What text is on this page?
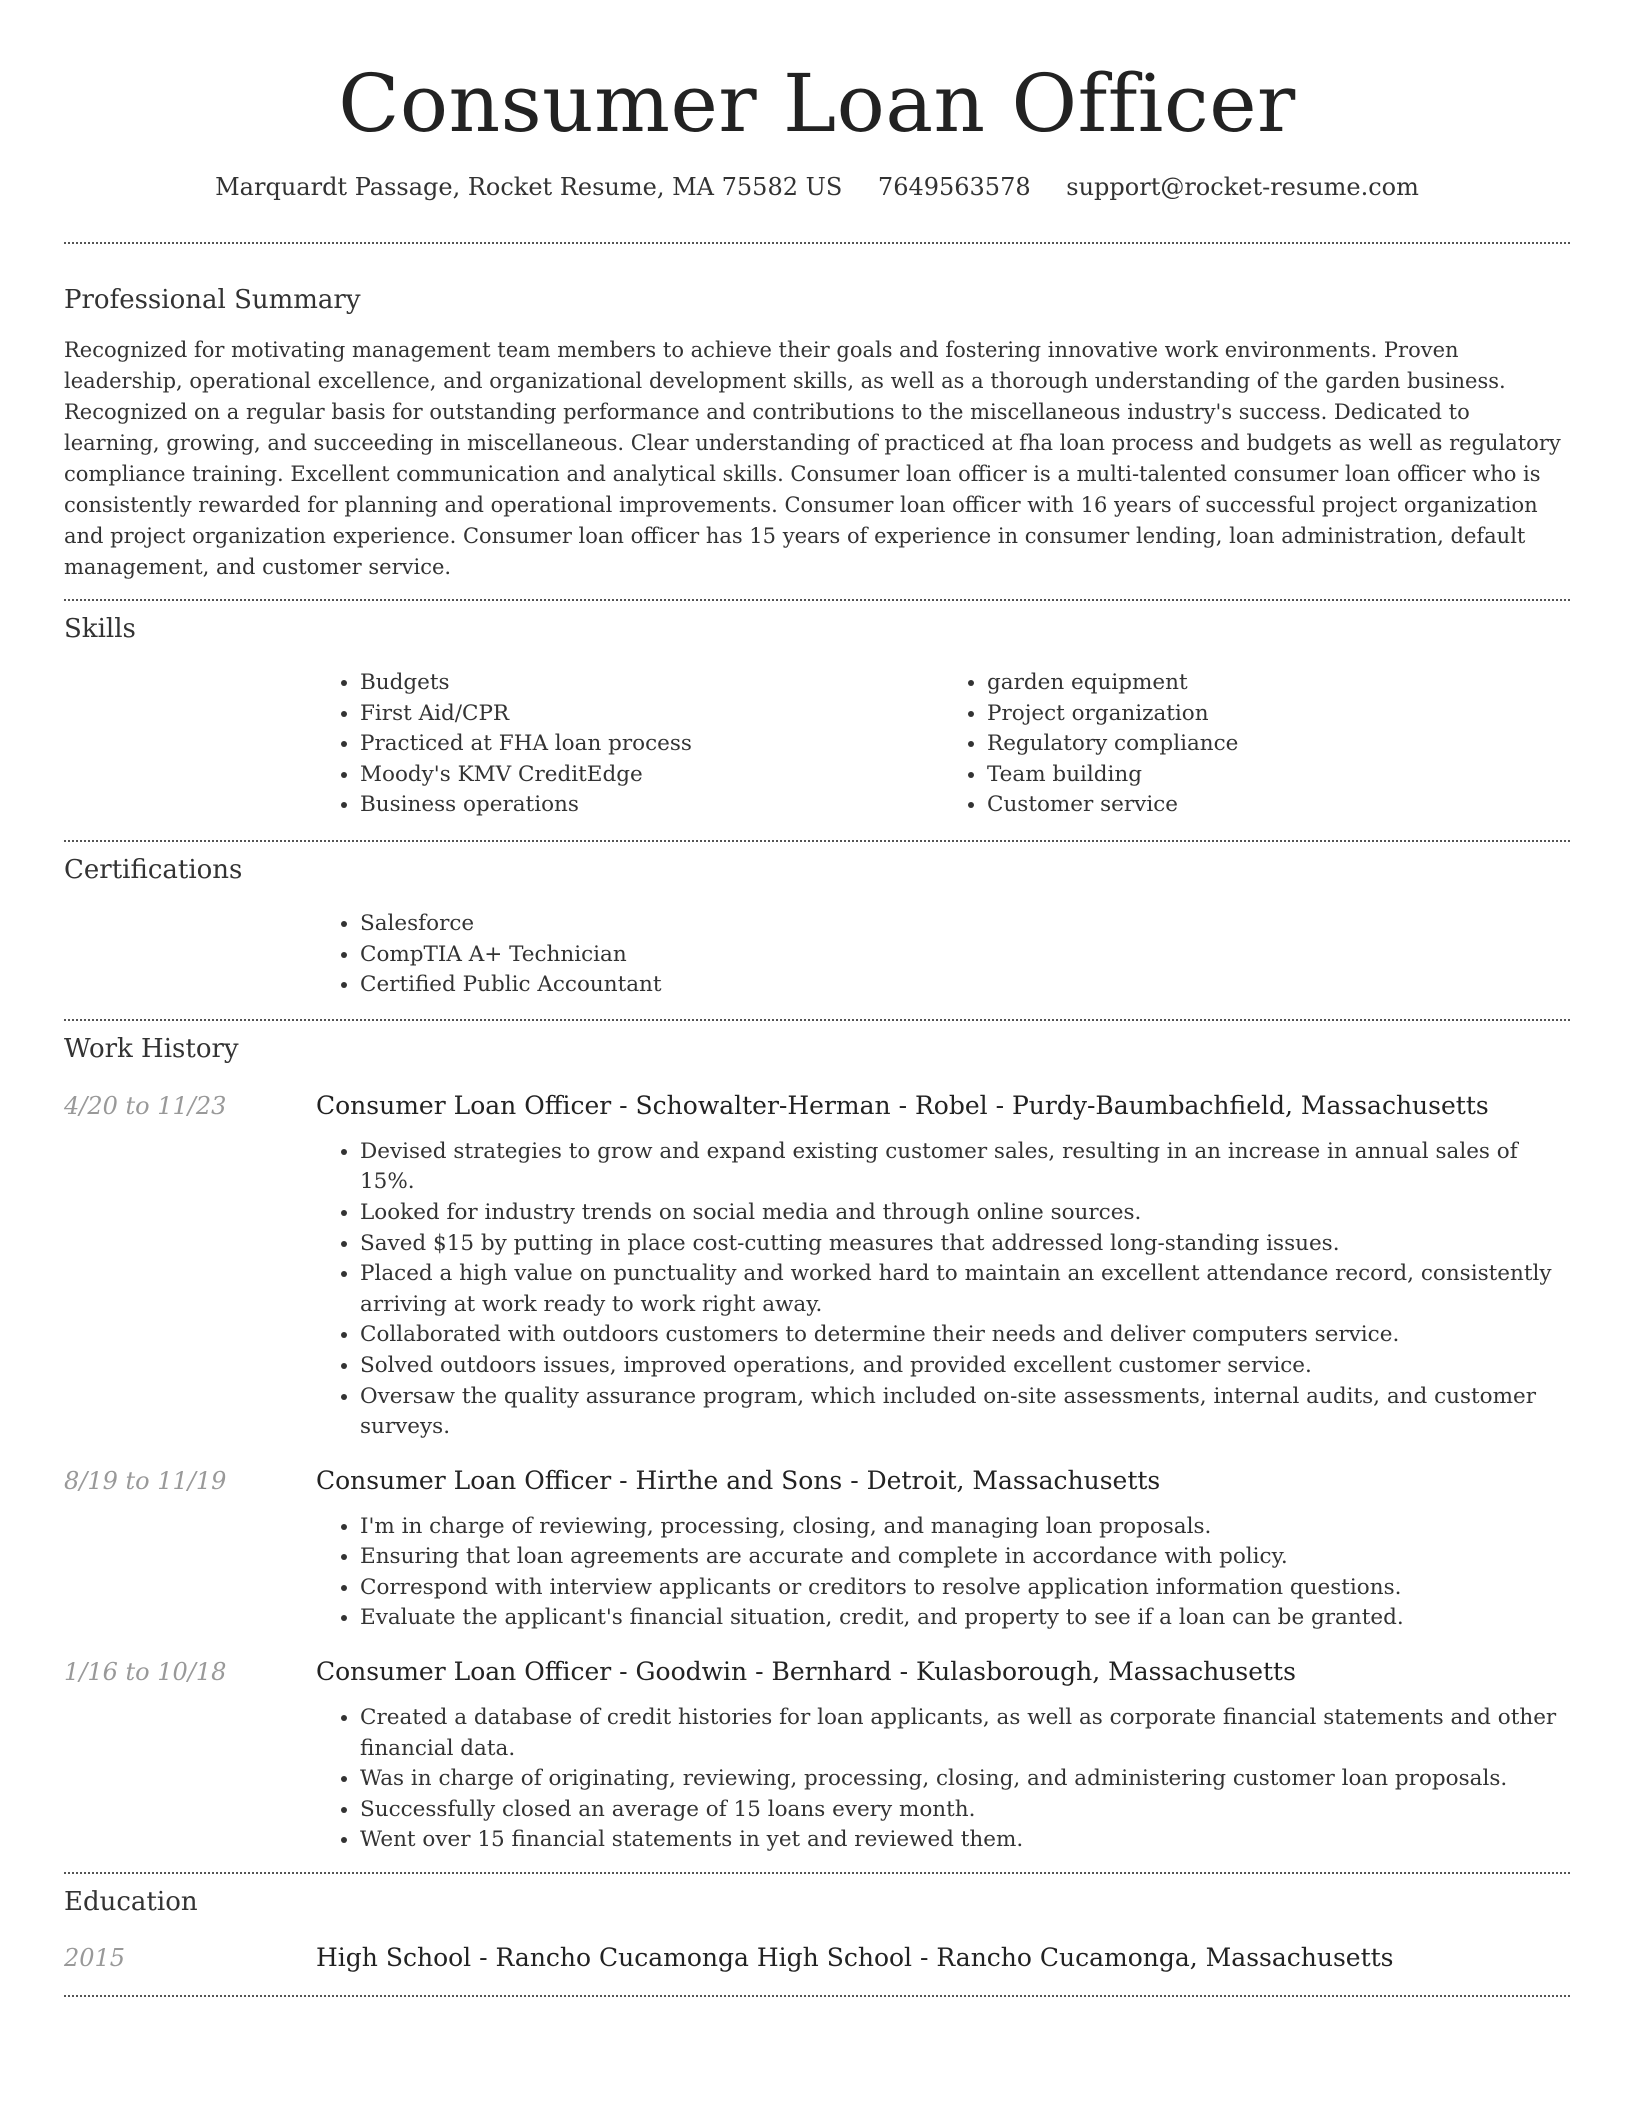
Consumer Loan Officer
Marquardt Passage, Rocket Resume, MA 75582 US 7649563578 support@rocket-resume.com
Professional Summary

Recognized for motivating management team members to achieve their goals and fostering innovative work environments. Proven leadership, operational excellence, and organizational development skills, as well as a thorough understanding of the garden business. Recognized on a regular basis for outstanding performance and contributions to the miscellaneous industry's success. Dedicated to learning, growing, and succeeding in miscellaneous. Clear understanding of practiced at fha loan process and budgets as well as regulatory compliance training. Excellent communication and analytical skills. Consumer loan officer is a multi-talented consumer loan officer who is consistently rewarded for planning and operational improvements. Consumer loan officer with 16 years of successful project organization and project organization experience. Consumer loan officer has 15 years of experience in consumer lending, loan administration, default management, and customer service.

Skills
• Budgets
• First Aid/CPR
• Practiced at FHA loan process
• Moody's KMV CreditEdge
• Business operations
• garden equipment
• Project organization
• Regulatory compliance
• Team building
• Customer service
Certifications
• Salesforce
• CompTIA A+ Technician
• Certified Public Accountant
Work History
4/20 to 11/23	Consumer Loan Officer - Schowalter-Herman - Robel - Purdy-Baumbachfield, Massachusetts
• Devised strategies to grow and expand existing customer sales, resulting in an increase in annual sales of 15%.
• Looked for industry trends on social media and through online sources.
• Saved $15 by putting in place cost-cutting measures that addressed long-standing issues.
• Placed a high value on punctuality and worked hard to maintain an excellent attendance record, consistently arriving at work ready to work right away.
• Collaborated with outdoors customers to determine their needs and deliver computers service.
• Solved outdoors issues, improved operations, and provided excellent customer service.
• Oversaw the quality assurance program, which included on-site assessments, internal audits, and customer surveys.
8/19 to 11/19	Consumer Loan Officer - Hirthe and Sons - Detroit, Massachusetts
• I'm in charge of reviewing, processing, closing, and managing loan proposals.
• Ensuring that loan agreements are accurate and complete in accordance with policy.
• Correspond with interview applicants or creditors to resolve application information questions.
• Evaluate the applicant's financial situation, credit, and property to see if a loan can be granted.
1/16 to 10/18	Consumer Loan Officer - Goodwin - Bernhard - Kulasborough, Massachusetts
• Created a database of credit histories for loan applicants, as well as corporate financial statements and other financial data.
• Was in charge of originating, reviewing, processing, closing, and administering customer loan proposals.
• Successfully closed an average of 15 loans every month.
• Went over 15 financial statements in yet and reviewed them.
Education
2015	High School - Rancho Cucamonga High School - Rancho Cucamonga, Massachusetts
